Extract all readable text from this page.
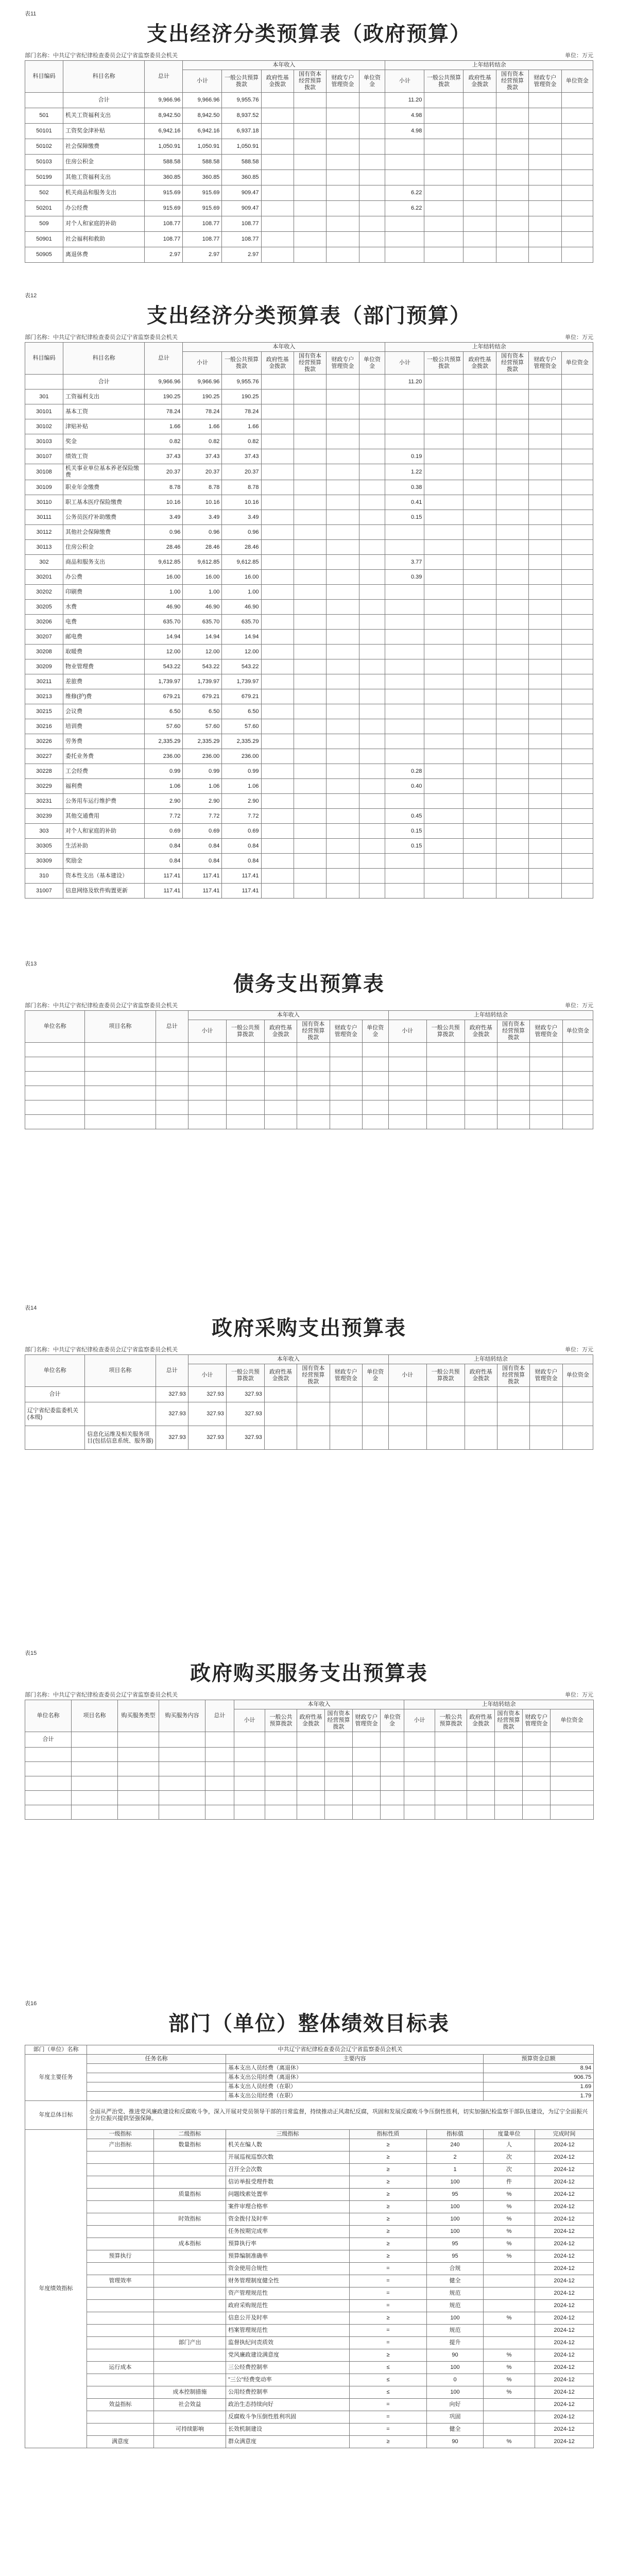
表11
支出经济分类预算表（政府预算）
部门名称：中共辽宁省纪律检查委员会辽宁省监察委员会机关	单位：万元
科目编码	科目名称	总计	本年收入						上年结转结余					
			小计	一般公共预算拨款	政府性基金拨款	国有资本经营预算拨款	财政专户管理资金	单位资金	小计	一般公共预算拨款	政府性基金拨款	国有资本经营预算拨款	财政专户管理资金	单位资金
	合计	9,966.96	9,966.96	9,955.76					11.20					
501	机关工资福利支出	8,942.50	8,942.50	8,937.52					4.98					
50101	工资奖金津补贴	6,942.16	6,942.16	6,937.18					4.98					
50102	社会保障缴费	1,050.91	1,050.91	1,050.91										
50103	住房公积金	588.58	588.58	588.58										
50199	其他工资福利支出	360.85	360.85	360.85										
502	机关商品和服务支出	915.69	915.69	909.47					6.22					
50201	办公经费	915.69	915.69	909.47					6.22					
509	对个人和家庭的补助	108.77	108.77	108.77										
50901	社会福利和救助	108.77	108.77	108.77										
50905	离退休费	2.97	2.97	2.97										
表12
支出经济分类预算表（部门预算）
部门名称：中共辽宁省纪律检查委员会辽宁省监察委员会机关	单位：万元
科目编码	科目名称	总计	本年收入						上年结转结余					
			小计	一般公共预算拨款	政府性基金拨款	国有资本经营预算拨款	财政专户管理资金	单位资金	小计	一般公共预算拨款	政府性基金拨款	国有资本经营预算拨款	财政专户管理资金	单位资金
	合计	9,966.96	9,966.96	9,955.76					11.20					
301	工资福利支出	190.25	190.25	190.25										
30101	基本工资	78.24	78.24	78.24										
30102	津贴补贴	1.66	1.66	1.66										
30103	奖金	0.82	0.82	0.82										
30107	绩效工资	37.43	37.43	37.43					0.19					
30108	机关事业单位基本养老保险缴费	20.37	20.37	20.37					1.22					
30109	职业年金缴费	8.78	8.78	8.78					0.38					
30110	职工基本医疗保险缴费	10.16	10.16	10.16					0.41					
30111	公务员医疗补助缴费	3.49	3.49	3.49					0.15					
30112	其他社会保障缴费	0.96	0.96	0.96										
30113	住房公积金	28.46	28.46	28.46										
302	商品和服务支出	9,612.85	9,612.85	9,612.85					3.77					
30201	办公费	16.00	16.00	16.00					0.39					
30202	印刷费	1.00	1.00	1.00										
30205	水费	46.90	46.90	46.90										
30206	电费	635.70	635.70	635.70										
30207	邮电费	14.94	14.94	14.94										
30208	取暖费	12.00	12.00	12.00										
30209	物业管理费	543.22	543.22	543.22										
30211	差旅费	1,739.97	1,739.97	1,739.97										
30213	维修(护)费	679.21	679.21	679.21										
30215	会议费	6.50	6.50	6.50										
30216	培训费	57.60	57.60	57.60										
30226	劳务费	2,335.29	2,335.29	2,335.29										
30227	委托业务费	236.00	236.00	236.00										
30228	工会经费	0.99	0.99	0.99					0.28					
30229	福利费	1.06	1.06	1.06					0.40					
30231	公务用车运行维护费	2.90	2.90	2.90										
30239	其他交通费用	7.72	7.72	7.72					0.45					
303	对个人和家庭的补助	0.69	0.69	0.69					0.15					
30305	生活补助	0.84	0.84	0.84					0.15					
30309	奖励金	0.84	0.84	0.84										
310	资本性支出（基本建设）	117.41	117.41	117.41										
31007	信息网络及软件购置更新	117.41	117.41	117.41										
表13
债务支出预算表
部门名称：中共辽宁省纪律检查委员会辽宁省监察委员会机关	单位：万元
单位名称	项目名称	总计	本年收入						上年结转结余					
			小计	一般公共预算拨款	政府性基金拨款	国有资本经营预算拨款	财政专户管理资金	单位资金	小计	一般公共预算拨款	政府性基金拨款	国有资本经营预算拨款	财政专户管理资金	单位资金

表14
政府采购支出预算表
部门名称：中共辽宁省纪律检查委员会辽宁省监察委员会机关	单位：万元
单位名称	项目名称	总计	本年收入						上年结转结余					
			小计	一般公共预算拨款	政府性基金拨款	国有资本经营预算拨款	财政专户管理资金	单位资金	小计	一般公共预算拨款	政府性基金拨款	国有资本经营预算拨款	财政专户管理资金	单位资金
合计		327.93	327.93	327.93										
辽宁省纪委监委机关(本级)		327.93	327.93	327.93										
	信息化运维及相关服务项目(包括信息系统、服务器)	327.93	327.93	327.93										
表15
政府购买服务支出预算表
部门名称：中共辽宁省纪律检查委员会辽宁省监察委员会机关	单位：万元
单位名称	项目名称	购买服务类型	购买服务内容	总计	本年收入						上年结转结余					
					小计	一般公共预算拨款	政府性基金拨款	国有资本经营预算拨款	财政专户管理资金	单位资金	小计	一般公共预算拨款	政府性基金拨款	国有资本经营预算拨款	财政专户管理资金	单位资金
合计																

表16
部门（单位）整体绩效目标表
部门（单位）名称	中共辽宁省纪律检查委员会辽宁省监察委员会机关						
年度主要任务	任务名称		主要内容			预算资金总额	
			基本支出人员经费（离退休）			8.94	
			基本支出公用经费（离退休）			906.75	
			基本支出人员经费（在职）			1.69	
			基本支出公用经费（在职）			1.79	
年度总体目标	全面从严治党、推进党风廉政建设和反腐败斗争，深入开展对党员领导干部的日常监督，持续推动正风肃纪反腐，巩固和发展反腐败斗争压倒性胜利，切实加强纪检监察干部队伍建设，为辽宁全面振兴全方位振兴提供坚强保障。						
年度绩效指标	一级指标	二级指标	三级指标	指标性质	指标值	度量单位	完成时间
	产出指标	数量指标	机关在编人数	≥	240	人	2024-12
			开展巡视巡察次数	≥	2	次	2024-12
			召开全会次数	≥	1	次	2024-12
			信访举报受理件数	≥	100	件	2024-12
		质量指标	问题线索处置率	≥	95	%	2024-12
			案件审理合格率	≥	100	%	2024-12
		时效指标	资金拨付及时率	≥	100	%	2024-12
			任务按期完成率	≥	100	%	2024-12
		成本指标	预算执行率	≥	95	%	2024-12
	预算执行		预算编制准确率	≥	95	%	2024-12
			资金使用合规性	=	合规		2024-12
	管理效率		财务管理制度健全性	=	健全		2024-12
			资产管理规范性	=	规范		2024-12
			政府采购规范性	=	规范		2024-12
			信息公开及时率	≥	100	%	2024-12
			档案管理规范性	=	规范		2024-12
		部门产出	监督执纪问责质效	=	提升		2024-12
			党风廉政建设满意度	≥	90	%	2024-12
	运行成本		三公经费控制率	≤	100	%	2024-12
			"三公"经费变动率	≤	0	%	2024-12
		成本控制措施	公用经费控制率	≤	100	%	2024-12
	效益指标	社会效益	政治生态持续向好	=	向好		2024-12
			反腐败斗争压倒性胜利巩固	=	巩固		2024-12
		可持续影响	长效机制建设	=	健全		2024-12
	满意度		群众满意度	≥	90	%	2024-12
